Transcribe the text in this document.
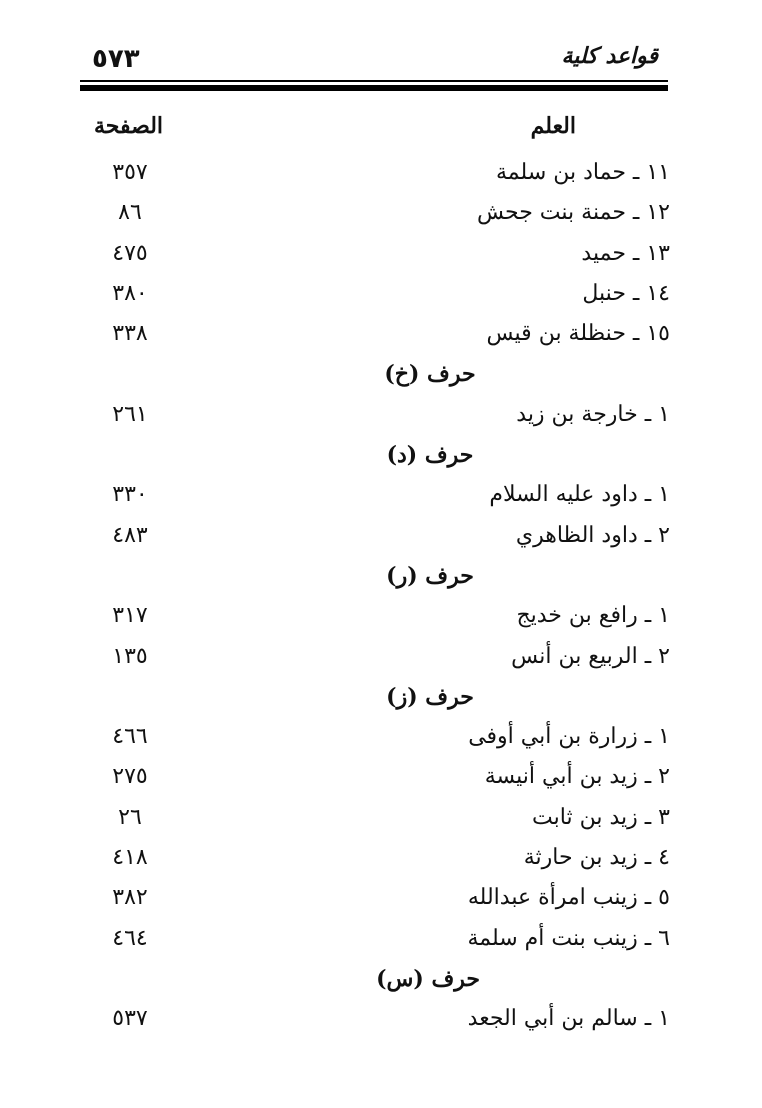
٥٧٣	قواعد كلية
العلم
الصفحة
١١ ـ حماد بن سلمة
٣٥٧
١٢ ـ حمنة بنت جحش
٨٦
١٣ ـ حميد
٤٧٥
١٤ ـ حنبل
٣٨٠
١٥ ـ حنظلة بن قيس
٣٣٨
حرف (خ)
١ ـ خارجة بن زيد
٢٦١
حرف (د)
١ ـ داود عليه السلام
٣٣٠
٢ ـ داود الظاهري
٤٨٣
حرف (ر)
١ ـ رافع بن خديج
٣١٧
٢ ـ الربيع بن أنس
١٣٥
حرف (ز)
١ ـ زرارة بن أبي أوفى
٤٦٦
٢ ـ زيد بن أبي أنيسة
٢٧٥
٣ ـ زيد بن ثابت
٢٦
٤ ـ زيد بن حارثة
٤١٨
٥ ـ زينب امرأة عبدالله
٣٨٢
٦ ـ زينب بنت أم سلمة
٤٦٤
حرف (س)
١ ـ سالم بن أبي الجعد
٥٣٧
